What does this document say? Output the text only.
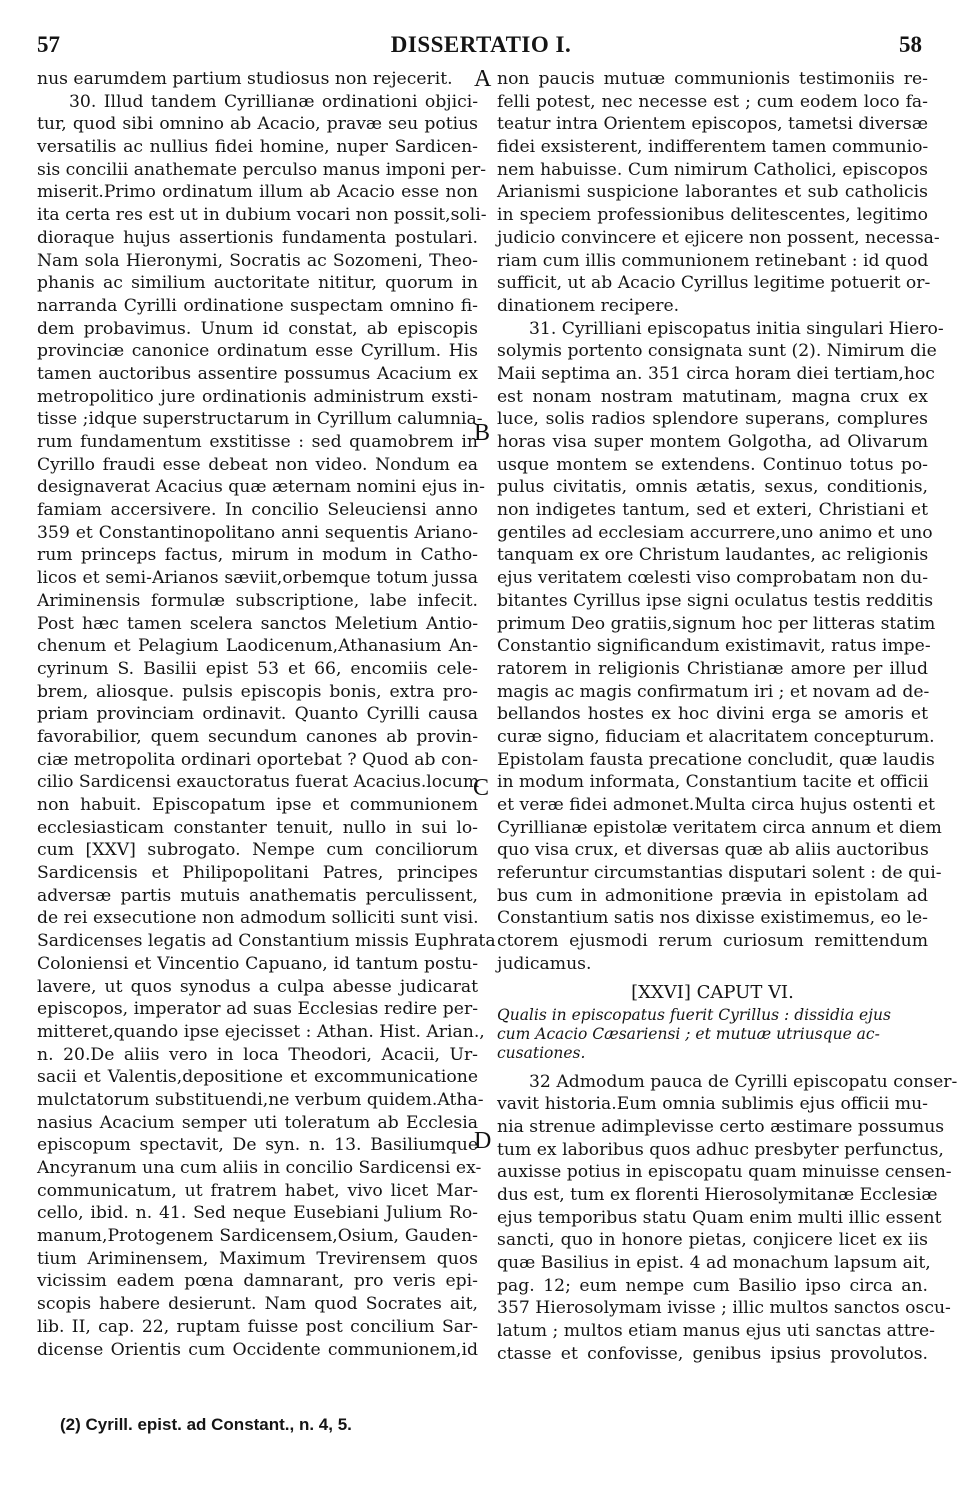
DISSERTATIO I.
57	58
A
B
C
D
nus earumdem partium studiosus non rejecerit.
30. Illud tandem Cyrillianæ ordinationi objici-
tur, quod sibi omnino ab Acacio, pravæ seu potius
versatilis ac nullius fidei homine, nuper Sardicen-
sis concilii anathemate perculso manus imponi per-
miserit.Primo ordinatum illum ab Acacio esse non
ita certa res est ut in dubium vocari non possit,soli-
dioraque hujus assertionis fundamenta postulari.
Nam sola Hieronymi, Socratis ac Sozomeni, Theo-
phanis ac similium auctoritate nititur, quorum in
narranda Cyrilli ordinatione suspectam omnino fi-
dem probavimus. Unum id constat, ab episcopis
provinciæ canonice ordinatum esse Cyrillum. His
tamen auctoribus assentire possumus Acacium ex
metropolitico jure ordinationis administrum exsti-
tisse ;idque superstructarum in Cyrillum calumnia-
rum fundamentum exstitisse : sed quamobrem in
Cyrillo fraudi esse debeat non video. Nondum ea
designaverat Acacius quæ æternam nomini ejus in-
famiam accersivere. In concilio Seleuciensi anno
359 et Constantinopolitano anni sequentis Ariano-
rum princeps factus, mirum in modum in Catho-
licos et semi-Arianos sæviit,orbemque totum jussa
Ariminensis formulæ subscriptione, labe infecit.
Post hæc tamen scelera sanctos Meletium Antio-
chenum et Pelagium Laodicenum,Athanasium An-
cyrinum S. Basilii epist 53 et 66, encomiis cele-
brem, aliosque. pulsis episcopis bonis, extra pro-
priam provinciam ordinavit. Quanto Cyrilli causa
favorabilior, quem secundum canones ab provin-
ciæ metropolita ordinari oportebat ? Quod ab con-
cilio Sardicensi exauctoratus fuerat Acacius.locum
non habuit. Episcopatum ipse et communionem
ecclesiasticam constanter tenuit, nullo in sui lo-
cum [XXV] subrogato. Nempe cum conciliorum
Sardicensis et Philipopolitani Patres, principes
adversæ partis mutuis anathematis perculissent,
de rei exsecutione non admodum solliciti sunt visi.
Sardicenses legatis ad Constantium missis Euphrata
Coloniensi et Vincentio Capuano, id tantum postu-
lavere, ut quos synodus a culpa abesse judicarat
episcopos, imperator ad suas Ecclesias redire per-
mitteret,quando ipse ejecisset : Athan. Hist. Arian.,
n. 20.De aliis vero in loca Theodori, Acacii, Ur-
sacii et Valentis,depositione et excommunicatione
mulctatorum substituendi,ne verbum quidem.Atha-
nasius Acacium semper uti toleratum ab Ecclesia
episcopum spectavit, De syn. n. 13. Basiliumque
Ancyranum una cum aliis in concilio Sardicensi ex-
communicatum, ut fratrem habet, vivo licet Mar-
cello, ibid. n. 41. Sed neque Eusebiani Julium Ro-
manum,Protogenem Sardicensem,Osium, Gauden-
tium Ariminensem, Maximum Trevirensem quos
vicissim eadem pœna damnarant, pro veris epi-
scopis habere desierunt. Nam quod Socrates ait,
lib. II, cap. 22, ruptam fuisse post concilium Sar-
dicense Orientis cum Occidente communionem,id
non paucis mutuæ communionis testimoniis re-
felli potest, nec necesse est ; cum eodem loco fa-
teatur intra Orientem episcopos, tametsi diversæ
fidei exsisterent, indifferentem tamen communio-
nem habuisse. Cum nimirum Catholici, episcopos
Arianismi suspicione laborantes et sub catholicis
in speciem professionibus delitescentes, legitimo
judicio convincere et ejicere non possent, necessa-
riam cum illis communionem retinebant : id quod
sufficit, ut ab Acacio Cyrillus legitime potuerit or-
dinationem recipere.
31. Cyrilliani episcopatus initia singulari Hiero-
solymis portento consignata sunt (2). Nimirum die
Maii septima an. 351 circa horam diei tertiam,hoc
est nonam nostram matutinam, magna crux ex
luce, solis radios splendore superans, complures
horas visa super montem Golgotha, ad Olivarum
usque montem se extendens. Continuo totus po-
pulus civitatis, omnis ætatis, sexus, conditionis,
non indigetes tantum, sed et exteri, Christiani et
gentiles ad ecclesiam accurrere,uno animo et uno
tanquam ex ore Christum laudantes, ac religionis
ejus veritatem cœlesti viso comprobatam non du-
bitantes Cyrillus ipse signi oculatus testis redditis
primum Deo gratiis,signum hoc per litteras statim
Constantio significandum existimavit, ratus impe-
ratorem in religionis Christianæ amore per illud
magis ac magis confirmatum iri ; et novam ad de-
bellandos hostes ex hoc divini erga se amoris et
curæ signo, fiduciam et alacritatem concepturum.
Epistolam fausta precatione concludit, quæ laudis
in modum informata, Constantium tacite et officii
et veræ fidei admonet.Multa circa hujus ostenti et
Cyrillianæ epistolæ veritatem circa annum et diem
quo visa crux, et diversas quæ ab aliis auctoribus
referuntur circumstantias disputari solent : de qui-
bus cum in admonitione prævia in epistolam ad
Constantium satis nos dixisse existimemus, eo le-
ctorem ejusmodi rerum curiosum remittendum
judicamus.
[XXVI] CAPUT VI.
Qualis in episcopatus fuerit Cyrillus : dissidia ejus
cum Acacio Cæsariensi ; et mutuæ utriusque ac-
cusationes.
32 Admodum pauca de Cyrilli episcopatu conser-
vavit historia.Eum omnia sublimis ejus officii mu-
nia strenue adimplevisse certo æstimare possumus
tum ex laboribus quos adhuc presbyter perfunctus,
auxisse potius in episcopatu quam minuisse censen-
dus est, tum ex florenti Hierosolymitanæ Ecclesiæ
ejus temporibus statu Quam enim multi illic essent
sancti, quo in honore pietas, conjicere licet ex iis
quæ Basilius in epist. 4 ad monachum lapsum ait,
pag. 12; eum nempe cum Basilio ipso circa an.
357 Hierosolymam ivisse ; illic multos sanctos oscu-
latum ; multos etiam manus ejus uti sanctas attre-
ctasse et confovisse, genibus ipsius provolutos.
(2) Cyrill. epist. ad Constant., n. 4, 5.
